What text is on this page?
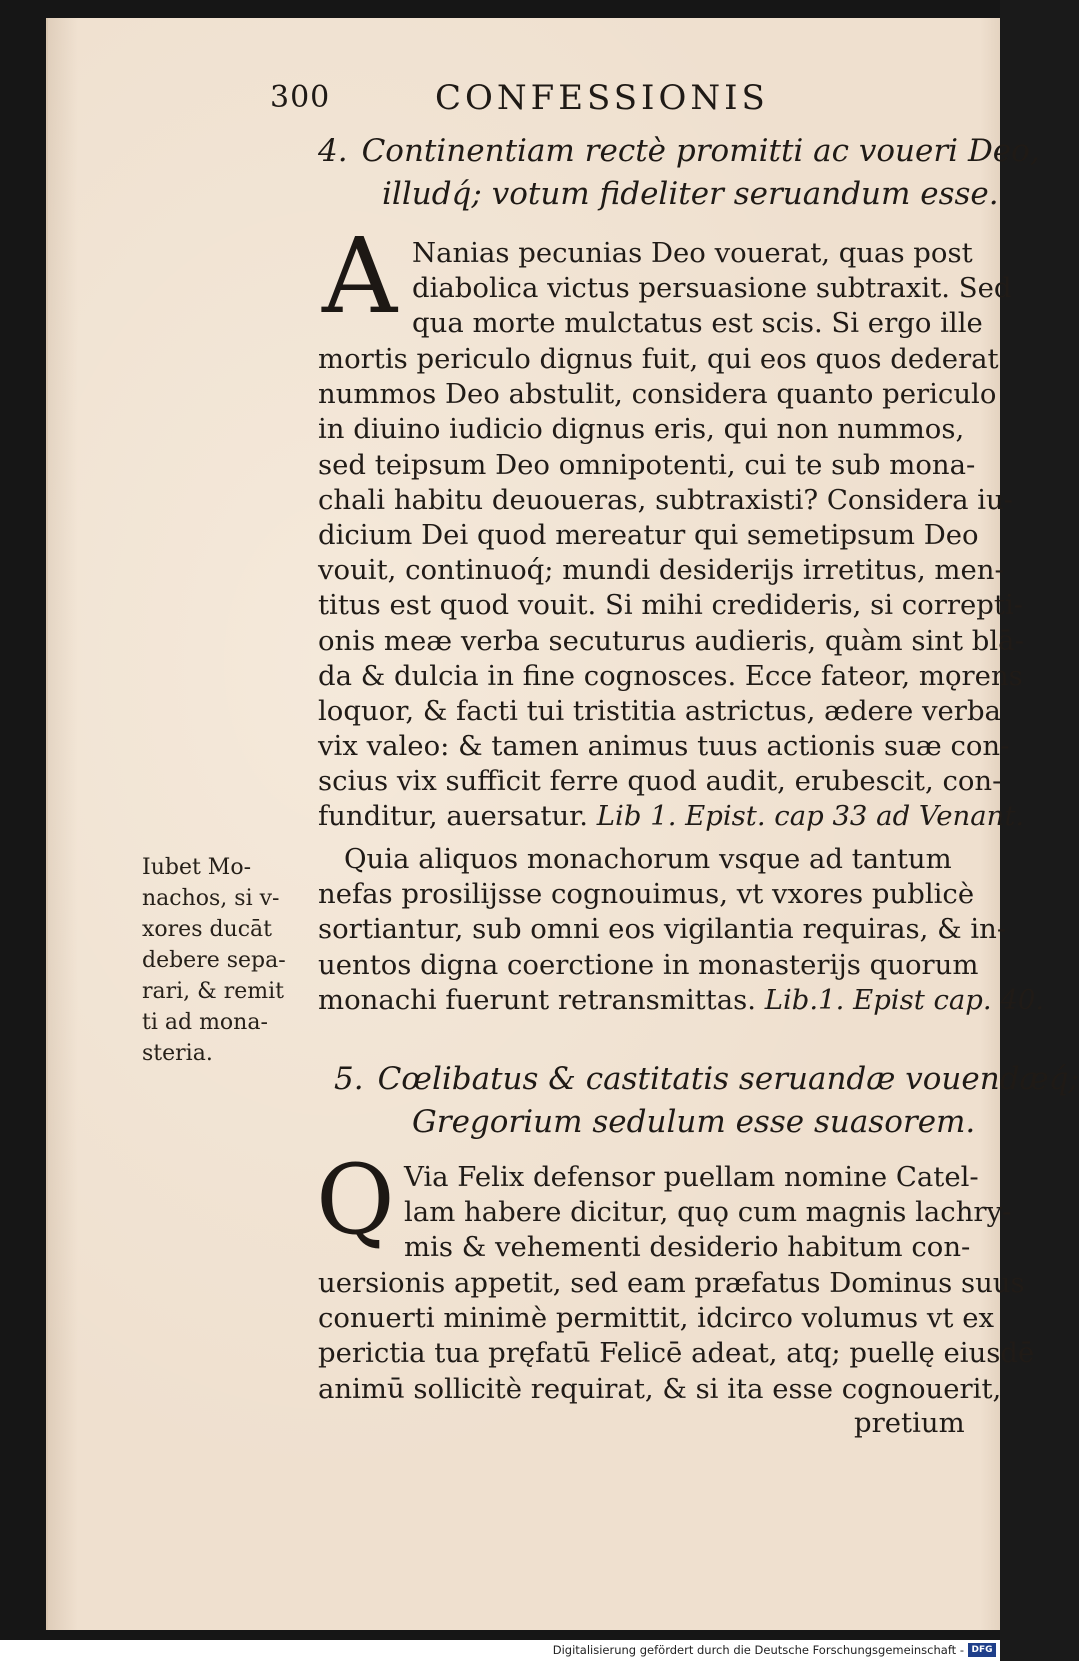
300	CONFESSIONIS
4. Continentiam rectè promitti ac voueri Deo,
illudq́; votum fideliter seruandum esse.
A Nanias pecunias Deo vouerat, quas post
diabolica victus persuasione subtraxit. Sed
qua morte mulctatus est scis. Si ergo ille
mortis periculo dignus fuit, qui eos quos dederat
nummos Deo abstulit, considera quanto periculo
in diuino iudicio dignus eris, qui non nummos,
sed teipsum Deo omnipotenti, cui te sub mona-
chali habitu deuoueras, subtraxisti? Considera iu-
dicium Dei quod mereatur qui semetipsum Deo
vouit, continuoq́; mundi desiderijs irretitus, men-
titus est quod vouit. Si mihi credideris, si correpti-
onis meæ verba secuturus audieris, quàm sint blā-
da & dulcia in fine cognosces. Ecce fateor, mǫrens
loquor, & facti tui tristitia astrictus, ædere verba
vix valeo: & tamen animus tuus actionis suæ con-
scius vix sufficit ferre quod audit, erubescit, con-
funditur, auersatur. Lib 1. Epist. cap 33 ad Venant.
Quia aliquos monachorum vsque ad tantum
nefas prosilijsse cognouimus, vt vxores publicè
sortiantur, sub omni eos vigilantia requiras, & in-
uentos digna coerctione in monasterijs quorum
monachi fuerunt retransmittas. Lib.1. Epist cap. 40.
Iubet Mo-
nachos, si v-
xores ducāt
debere sepa-
rari, & remit
ti ad mona-
steria.
5. Cœlibatus & castitatis seruandæ vouendæq́;
Gregorium sedulum esse suasorem.
Q Via Felix defensor puellam nomine Catel-
lam habere dicitur, quǫ cum magnis lachry-
mis & vehementi desiderio habitum con-
uersionis appetit, sed eam præfatus Dominus suus
conuerti minimè permittit, idcirco volumus vt ex
perictia tua pręfatū Felicē adeat, atq; puellę eiusdē
animū sollicitè requirat, & si ita esse cognouerit,
pretium
Digitalisierung gefördert durch die Deutsche Forschungsgemeinschaft - DFG
